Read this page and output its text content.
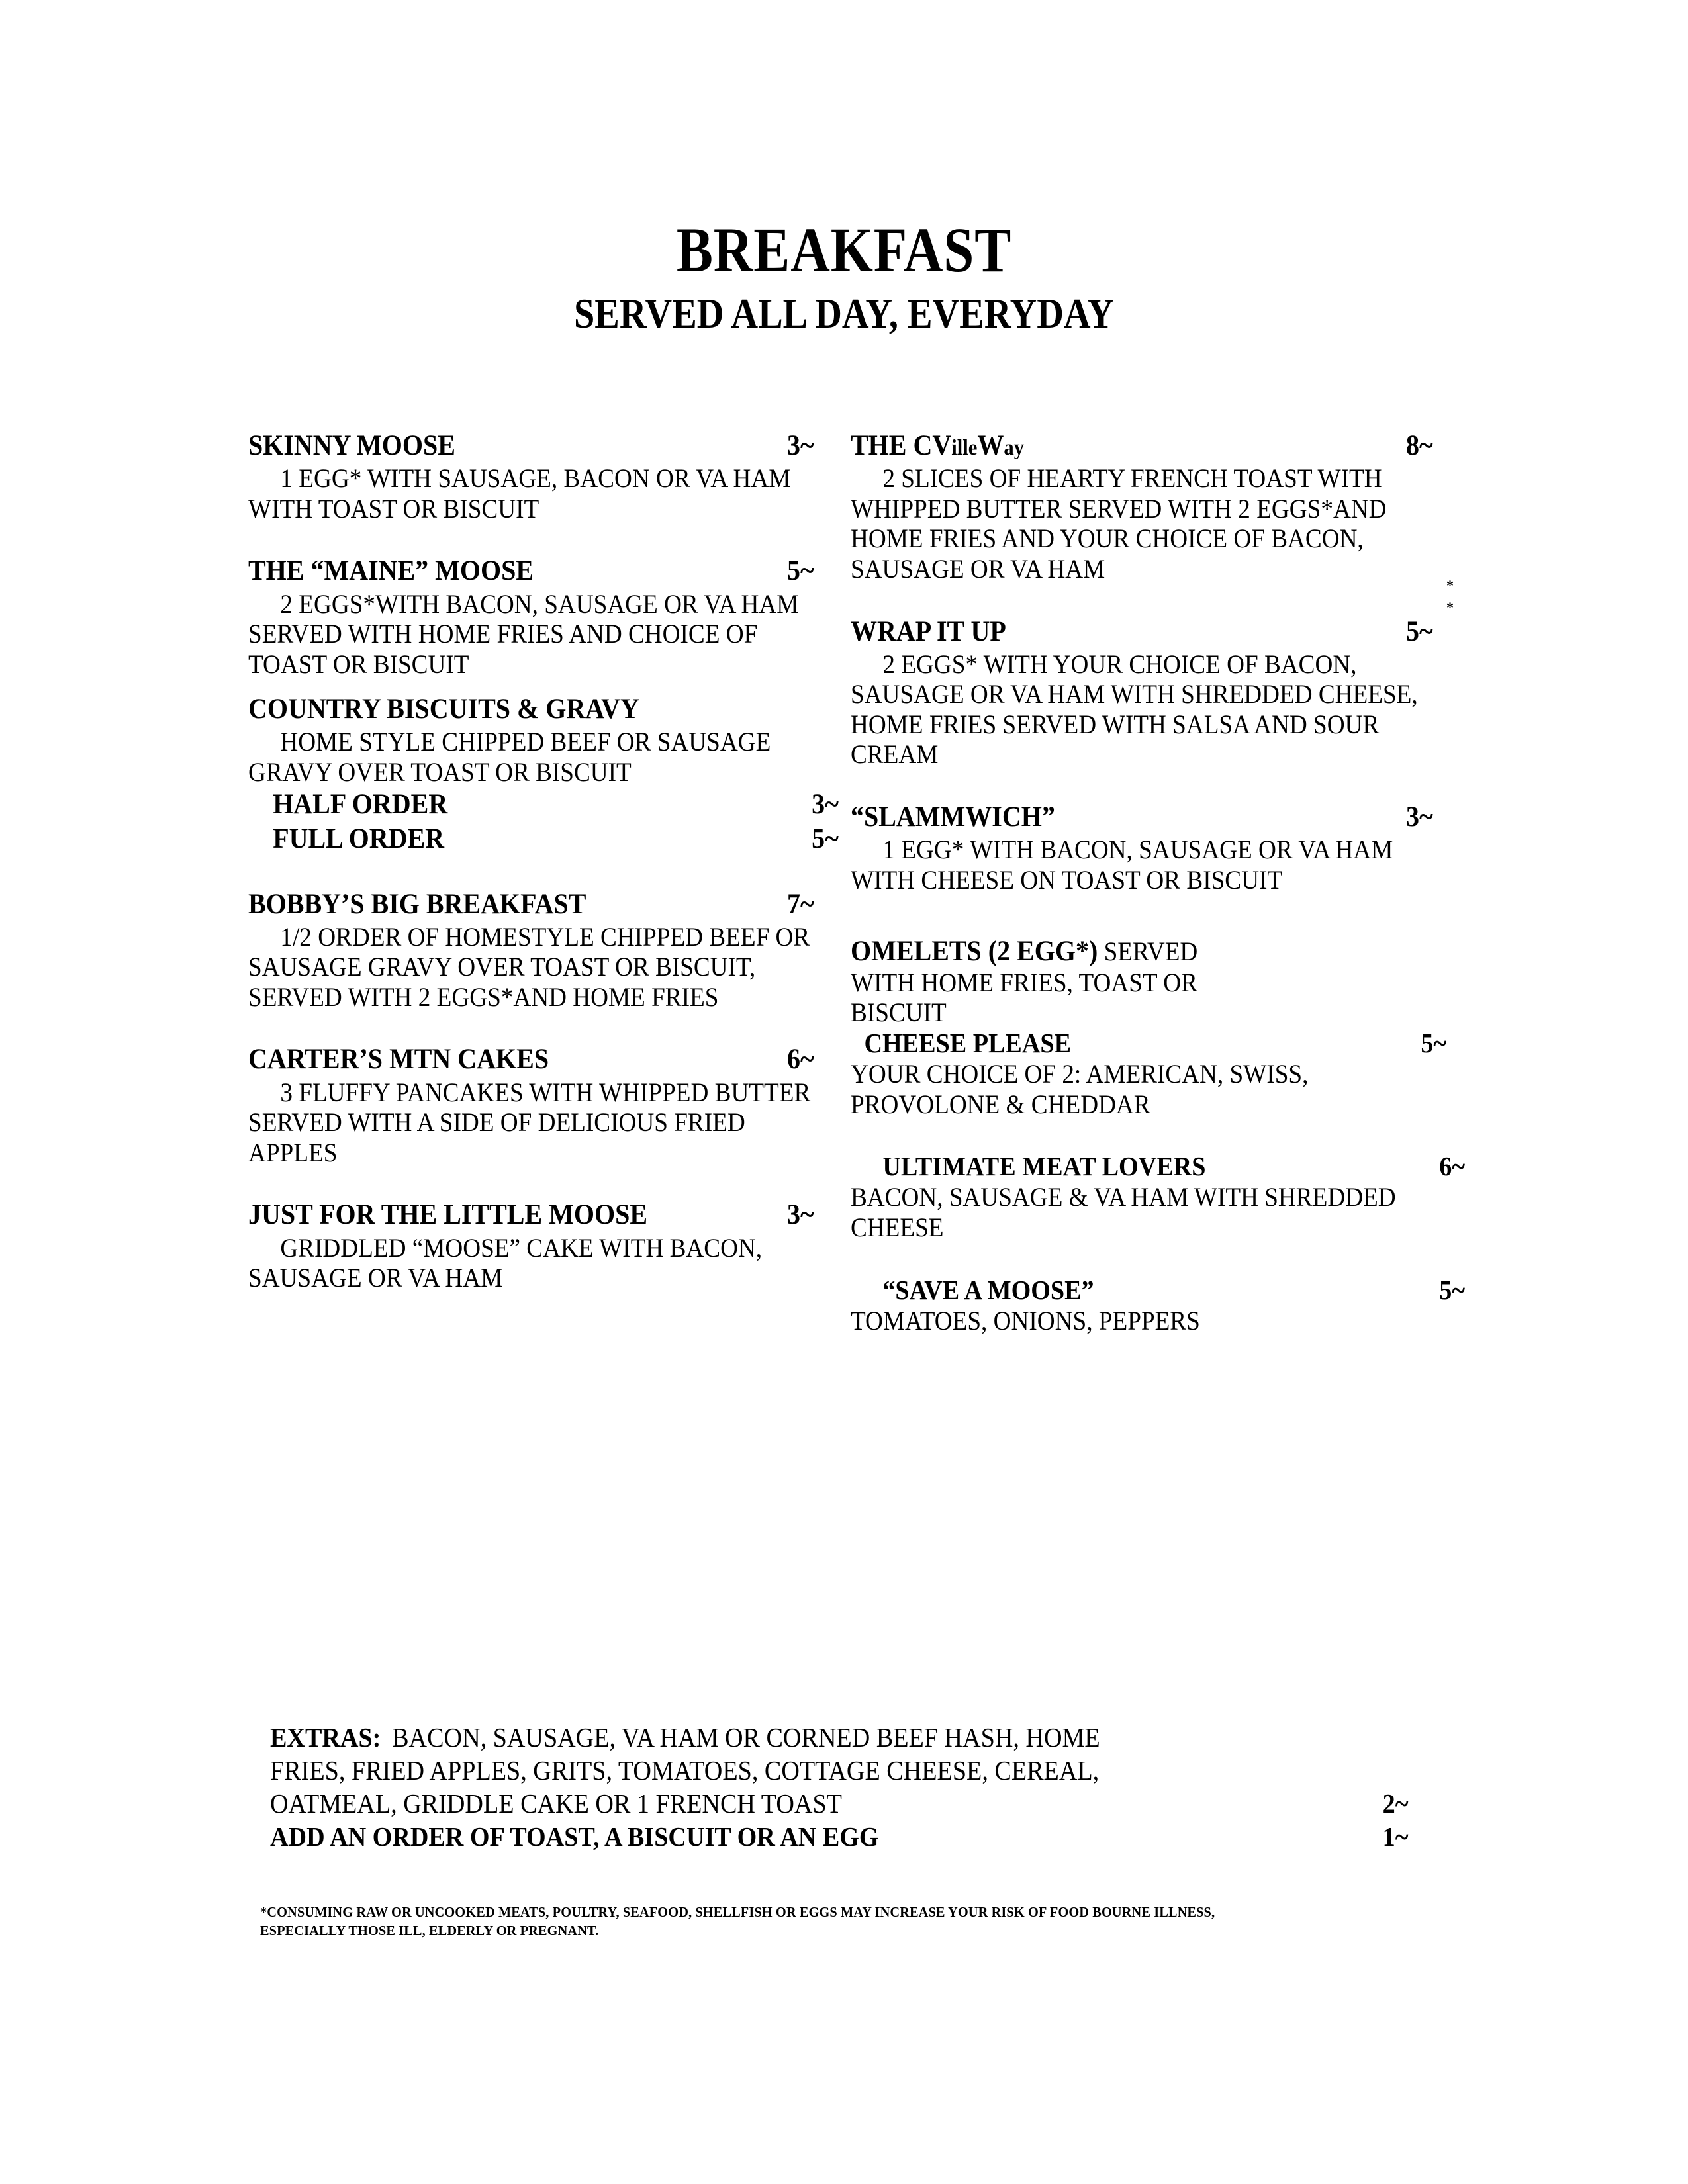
BREAKFAST
SERVED ALL DAY, EVERYDAY
*
*
SKINNY MOOSE	3~
1 EGG* WITH SAUSAGE, BACON OR VA HAM WITH TOAST OR BISCUIT
THE “MAINE” MOOSE	5~
2 EGGS*WITH BACON, SAUSAGE OR VA HAM SERVED WITH HOME FRIES AND CHOICE OF TOAST OR BISCUIT
COUNTRY BISCUITS & GRAVY
HOME STYLE CHIPPED BEEF OR SAUSAGE GRAVY OVER TOAST OR BISCUIT
HALF ORDER	3~
FULL ORDER	5~
BOBBY’S BIG BREAKFAST	7~
1/2 ORDER OF HOMESTYLE CHIPPED BEEF OR SAUSAGE GRAVY OVER TOAST OR BISCUIT, SERVED WITH 2 EGGS*AND HOME FRIES
CARTER’S MTN CAKES	6~
3 FLUFFY PANCAKES WITH WHIPPED BUTTER SERVED WITH A SIDE OF DELICIOUS FRIED APPLES
JUST FOR THE LITTLE MOOSE	3~
GRIDDLED “MOOSE” CAKE WITH BACON, SAUSAGE OR VA HAM
THE CVilleWay	8~
2 SLICES OF HEARTY FRENCH TOAST WITH WHIPPED BUTTER SERVED WITH 2 EGGS*AND HOME FRIES AND YOUR CHOICE OF BACON, SAUSAGE OR VA HAM
WRAP IT UP	5~
2 EGGS* WITH YOUR CHOICE OF BACON, SAUSAGE OR VA HAM WITH SHREDDED CHEESE, HOME FRIES SERVED WITH SALSA AND SOUR CREAM
“SLAMMWICH”	3~
1 EGG* WITH BACON, SAUSAGE OR VA HAM WITH CHEESE ON TOAST OR BISCUIT
OMELETS (2 EGG*) SERVED
WITH HOME FRIES, TOAST OR
BISCUIT
CHEESE PLEASE	5~
YOUR CHOICE OF 2: AMERICAN, SWISS, PROVOLONE & CHEDDAR
ULTIMATE MEAT LOVERS	6~
BACON, SAUSAGE & VA HAM WITH SHREDDED CHEESE
“SAVE A MOOSE”	5~
TOMATOES, ONIONS, PEPPERS
EXTRAS: BACON, SAUSAGE, VA HAM OR CORNED BEEF HASH, HOME
FRIES, FRIED APPLES, GRITS, TOMATOES, COTTAGE CHEESE, CEREAL,
OATMEAL, GRIDDLE CAKE OR 1 FRENCH TOAST	2~
ADD AN ORDER OF TOAST, A BISCUIT OR AN EGG	1~
*CONSUMING RAW OR UNCOOKED MEATS, POULTRY, SEAFOOD, SHELLFISH OR EGGS MAY INCREASE YOUR RISK OF FOOD BOURNE ILLNESS,
ESPECIALLY THOSE ILL, ELDERLY OR PREGNANT.
